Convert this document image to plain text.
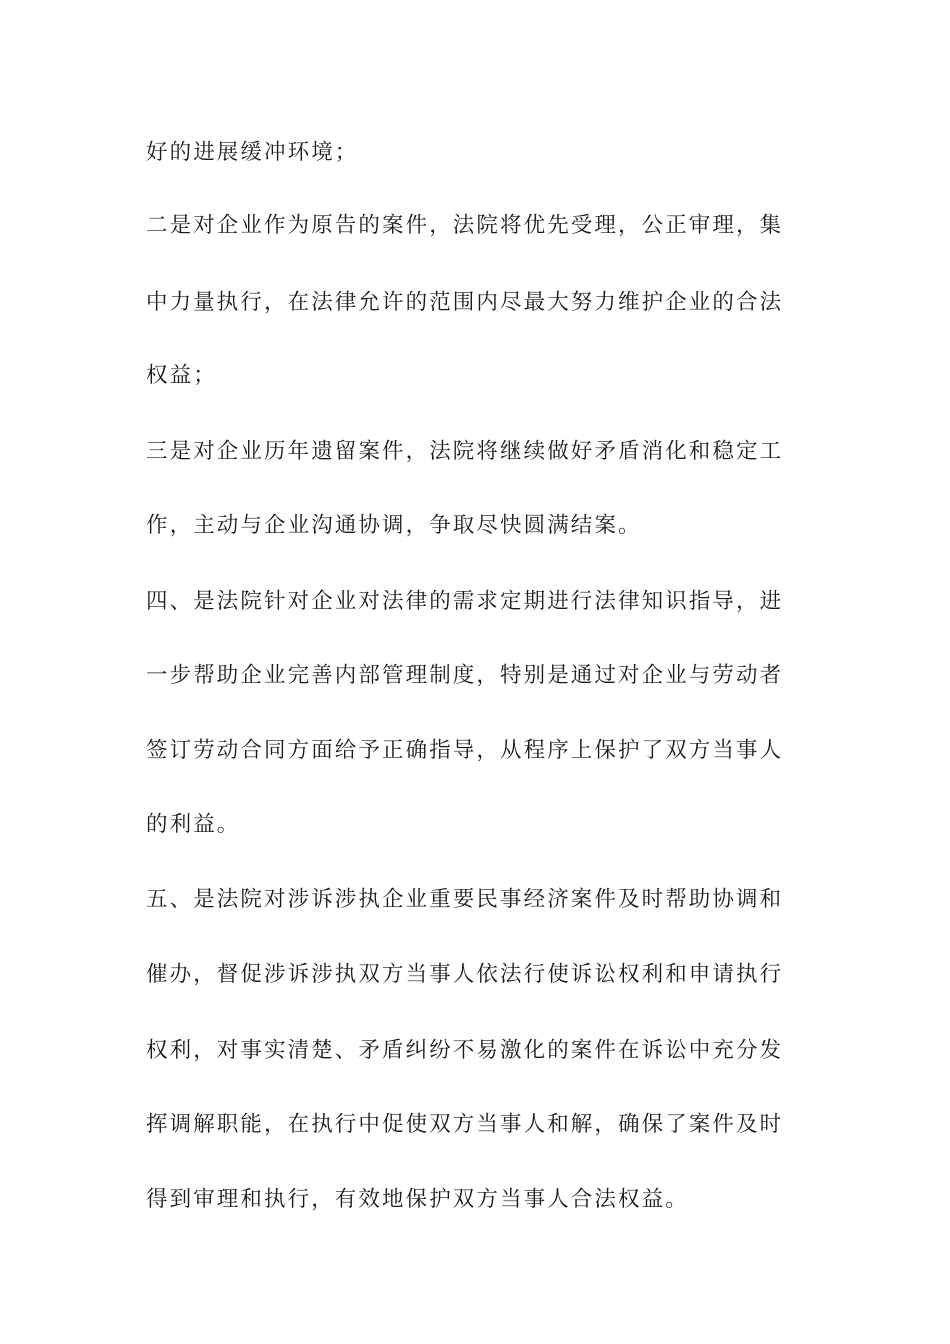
好的进展缓冲环境；
二是对企业作为原告的案件，法院将优先受理，公正审理，集
中力量执行，在法律允许的范围内尽最大努力维护企业的合法
权益；
三是对企业历年遗留案件，法院将继续做好矛盾消化和稳定工
作，主动与企业沟通协调，争取尽快圆满结案。
四、是法院针对企业对法律的需求定期进行法律知识指导，进
一步帮助企业完善内部管理制度，特别是通过对企业与劳动者
签订劳动合同方面给予正确指导，从程序上保护了双方当事人
的利益。
五、是法院对涉诉涉执企业重要民事经济案件及时帮助协调和
催办，督促涉诉涉执双方当事人依法行使诉讼权利和申请执行
权利，对事实清楚、矛盾纠纷不易激化的案件在诉讼中充分发
挥调解职能，在执行中促使双方当事人和解，确保了案件及时
得到审理和执行，有效地保护双方当事人合法权益。
